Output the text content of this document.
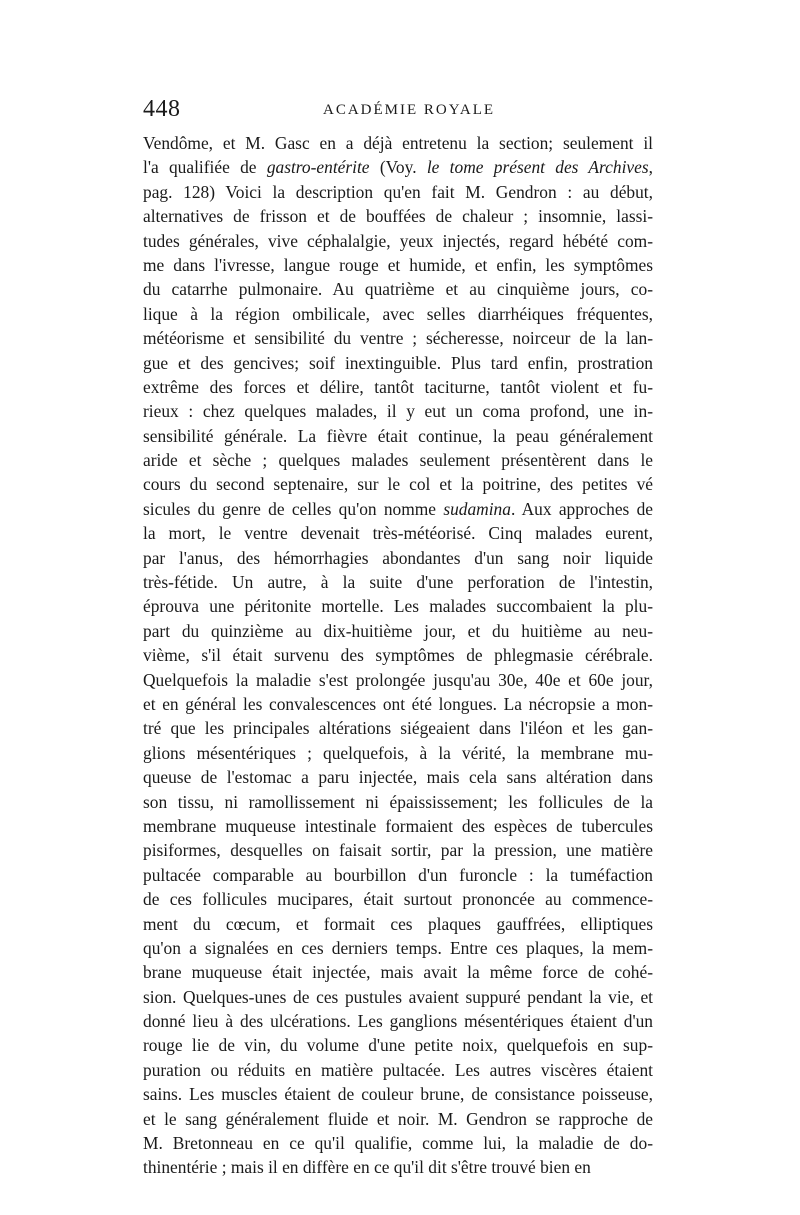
448	ACADÉMIE ROYALE
Vendôme, et M. Gasc en a déjà entretenu la section; seulement il
l'a qualifiée de gastro-entérite (Voy. le tome présent des Archives,
pag. 128) Voici la description qu'en fait M. Gendron : au début,
alternatives de frisson et de bouffées de chaleur ; insomnie, lassi-
tudes générales, vive céphalalgie, yeux injectés, regard hébété com-
me dans l'ivresse, langue rouge et humide, et enfin, les symptômes
du catarrhe pulmonaire. Au quatrième et au cinquième jours, co-
lique à la région ombilicale, avec selles diarrhéiques fréquentes,
météorisme et sensibilité du ventre ; sécheresse, noirceur de la lan-
gue et des gencives; soif inextinguible. Plus tard enfin, prostration
extrême des forces et délire, tantôt taciturne, tantôt violent et fu-
rieux : chez quelques malades, il y eut un coma profond, une in-
sensibilité générale. La fièvre était continue, la peau généralement
aride et sèche ; quelques malades seulement présentèrent dans le
cours du second septenaire, sur le col et la poitrine, des petites vé
sicules du genre de celles qu'on nomme sudamina. Aux approches de
la mort, le ventre devenait très-météorisé. Cinq malades eurent,
par l'anus, des hémorrhagies abondantes d'un sang noir liquide
très-fétide. Un autre, à la suite d'une perforation de l'intestin,
éprouva une péritonite mortelle. Les malades succombaient la plu-
part du quinzième au dix-huitième jour, et du huitième au neu-
vième, s'il était survenu des symptômes de phlegmasie cérébrale.
Quelquefois la maladie s'est prolongée jusqu'au 30e, 40e et 60e jour,
et en général les convalescences ont été longues. La nécropsie a mon-
tré que les principales altérations siégeaient dans l'iléon et les gan-
glions mésentériques ; quelquefois, à la vérité, la membrane mu-
queuse de l'estomac a paru injectée, mais cela sans altération dans
son tissu, ni ramollissement ni épaississement; les follicules de la
membrane muqueuse intestinale formaient des espèces de tubercules
pisiformes, desquelles on faisait sortir, par la pression, une matière
pultacée comparable au bourbillon d'un furoncle : la tuméfaction
de ces follicules mucipares, était surtout prononcée au commence-
ment du cœcum, et formait ces plaques gauffrées, elliptiques
qu'on a signalées en ces derniers temps. Entre ces plaques, la mem-
brane muqueuse était injectée, mais avait la même force de cohé-
sion. Quelques-unes de ces pustules avaient suppuré pendant la vie, et
donné lieu à des ulcérations. Les ganglions mésentériques étaient d'un
rouge lie de vin, du volume d'une petite noix, quelquefois en sup-
puration ou réduits en matière pultacée. Les autres viscères étaient
sains. Les muscles étaient de couleur brune, de consistance poisseuse,
et le sang généralement fluide et noir. M. Gendron se rapproche de
M. Bretonneau en ce qu'il qualifie, comme lui, la maladie de do-
thinentérie ; mais il en diffère en ce qu'il dit s'être trouvé bien en
